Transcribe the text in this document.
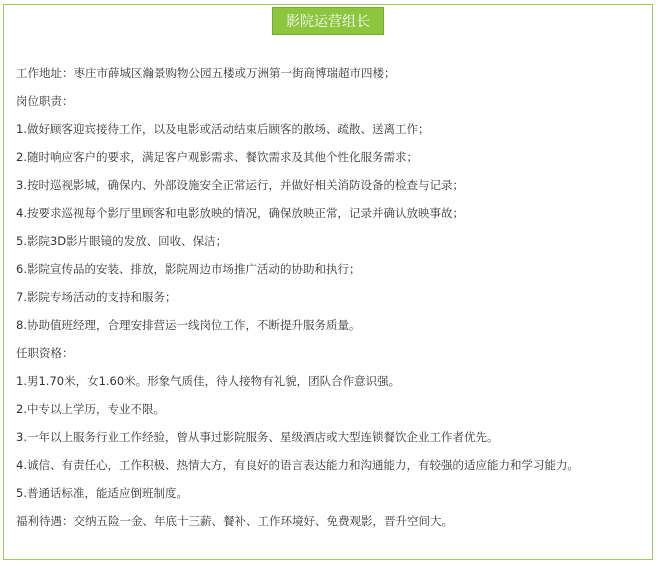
影院运营组长
工作地址：枣庄市薛城区瀚景购物公园五楼或万洲第一街商博瑞超市四楼；
岗位职责：
1.做好顾客迎宾接待工作，以及电影或活动结束后顾客的散场、疏散、送离工作；
2.随时响应客户的要求，满足客户观影需求、餐饮需求及其他个性化服务需求；
3.按时巡视影城，确保内、外部设施安全正常运行，并做好相关消防设备的检查与记录；
4.按要求巡视每个影厅里顾客和电影放映的情况，确保放映正常，记录并确认放映事故；
5.影院3D影片眼镜的发放、回收、保洁；
6.影院宣传品的安装、排放，影院周边市场推广活动的协助和执行；
7.影院专场活动的支持和服务；
8.协助值班经理，合理安排营运一线岗位工作，不断提升服务质量。
任职资格：
1.男1.70米，女1.60米。形象气质佳，待人接物有礼貌，团队合作意识强。
2.中专以上学历，专业不限。
3.一年以上服务行业工作经验，曾从事过影院服务、星级酒店或大型连锁餐饮企业工作者优先。
4.诚信、有责任心，工作积极、热情大方，有良好的语言表达能力和沟通能力，有较强的适应能力和学习能力。
5.普通话标准，能适应倒班制度。
福利待遇：交纳五险一金、年底十三薪、餐补、工作环境好、免费观影，晋升空间大。
